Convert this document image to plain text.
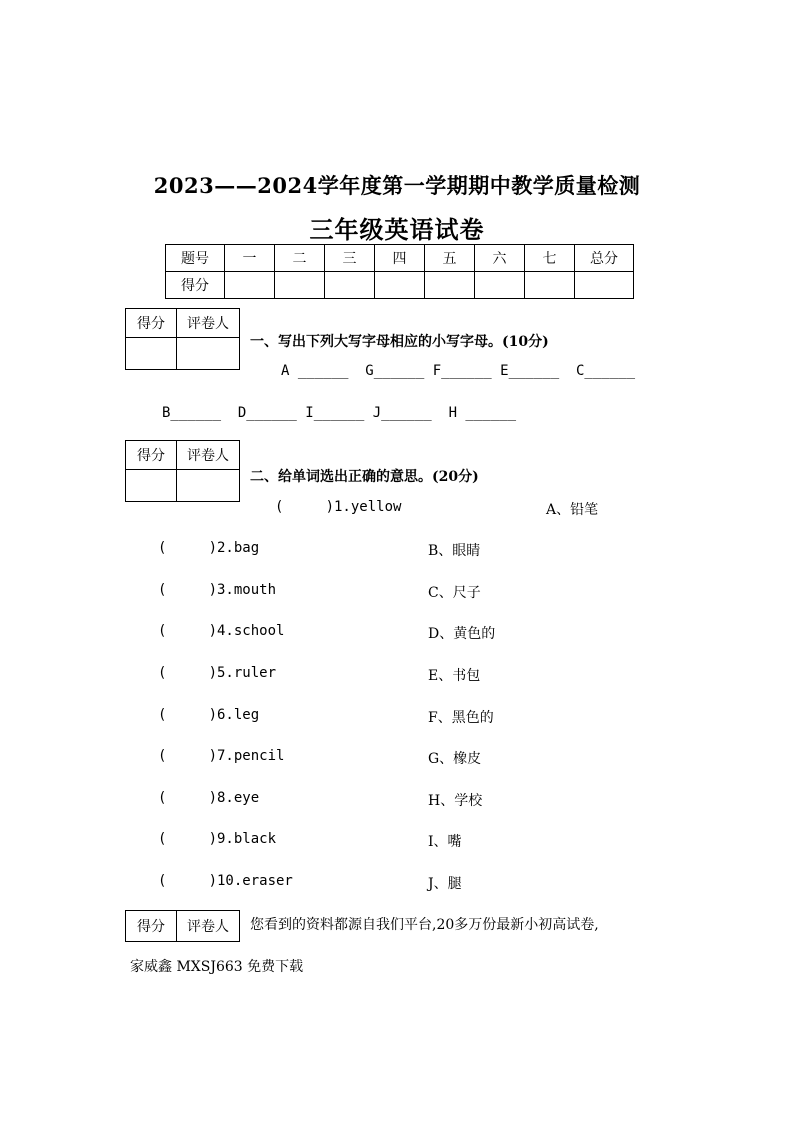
2023——2024学年度第一学期期中教学质量检测
三年级英语试卷
题号	一	二	三	四	五	六	七	总分
得分								
得分	评卷人

一、写出下列大写字母相应的小写字母。(10分)
A ______  G______ F______ E______  C______
B______  D______ I______ J______  H ______
得分	评卷人

二、给单词选出正确的意思。(20分)
(     )1.yellow	A、铅笔
(     )2.bag	B、眼睛
(     )3.mouth	C、尺子
(     )4.school	D、黄色的
(     )5.ruler	E、书包
(     )6.leg	F、黑色的
(     )7.pencil	G、橡皮
(     )8.eye	H、学校
(     )9.black	I、嘴
(     )10.eraser	J、腿
得分	评卷人 您看到的资料都源自我们平台,20多万份最新小初高试卷,
家威鑫 MXSJ663 免费下载
